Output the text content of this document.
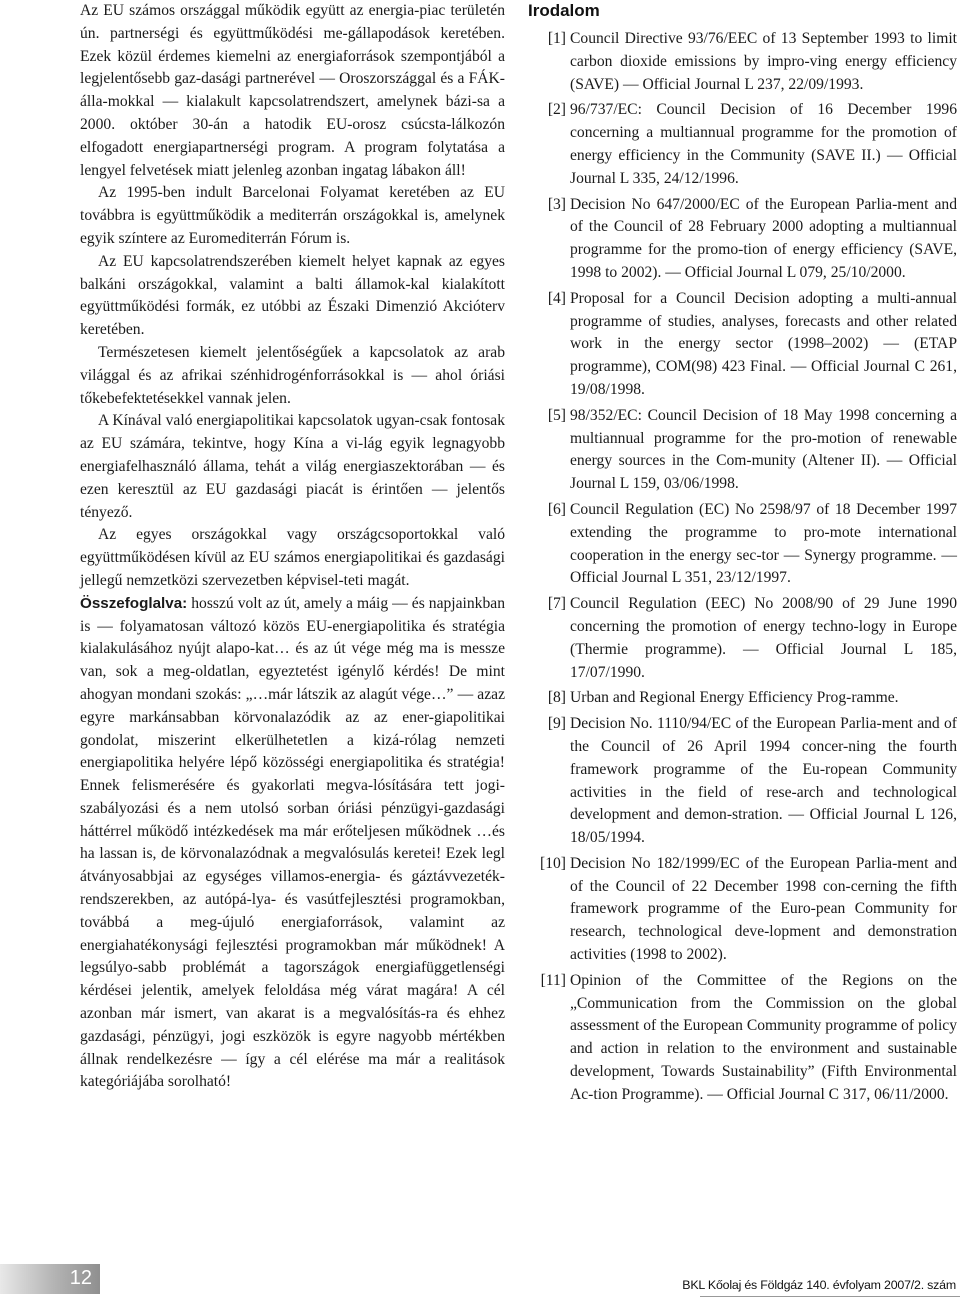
Az EU számos országgal működik együtt az energia-piac területén ún. partnerségi és együttműködési me-gállapodások keretében. Ezek közül érdemes kiemelni az energiaforrások szempontjából a legjelentősebb gaz-dasági partnerével — Oroszországgal és a FÁK-álla-mokkal — kialakult kapcsolatrendszert, amelynek bázi-sa a 2000. október 30-án a hatodik EU-orosz csúcsta-lálkozón elfogadott energiapartnerségi program. A program folytatása a lengyel felvetések miatt jelenleg azonban ingatag lábakon áll!

Az 1995-ben indult Barcelonai Folyamat keretében az EU továbbra is együttműködik a mediterrán országokkal is, amelynek egyik színtere az Euromediterrán Fórum is.

Az EU kapcsolatrendszerében kiemelt helyet kapnak az egyes balkáni országokkal, valamint a balti államok-kal kialakított együttműködési formák, ez utóbbi az Északi Dimenzió Akcióterv keretében.

Természetesen kiemelt jelentőségűek a kapcsolatok az arab világgal és az afrikai szénhidrogénforrásokkal is — ahol óriási tőkebefektetésekkel vannak jelen.

A Kínával való energiapolitikai kapcsolatok ugyan-csak fontosak az EU számára, tekintve, hogy Kína a vi-lág egyik legnagyobb energiafelhasználó állama, tehát a világ energiaszektorában — és ezen keresztül az EU gazdasági piacát is érintően — jelentős tényező.

Az egyes országokkal vagy országcsoportokkal való együttműködésen kívül az EU számos energiapolitikai és gazdasági jellegű nemzetközi szervezetben képvisel-teti magát.

Összefoglalva: hosszú volt az út, amely a máig — és napjainkban is — folyamatosan változó közös EU-energiapolitika és stratégia kialakulásához nyújt alapo-kat… és az út vége még ma is messze van, sok a meg-oldatlan, egyeztetést igénylő kérdés! De mint ahogyan mondani szokás: „…már látszik az alagút vége…” — azaz egyre markánsabban körvonalazódik az az ener-giapolitikai gondolat, miszerint elkerülhetetlen a kizá-rólag nemzeti energiapolitika helyére lépő közösségi energiapolitika és stratégia! Ennek felismerésére és gyakorlati megva-lósítására tett jogi-szabályozási és a nem utolsó sorban óriási pénzügyi-gazdasági háttérrel működő intézkedések ma már erőteljesen működnek …és ha lassan is, de körvonalazódnak a megvalósulás keretei! Ezek legl átványosabbjai az egységes villamos-energia- és gáztávvezeték-rendszerekben, az autópá-lya- és vasútfejlesztési programokban, továbbá a meg-újuló energiaforrások, valamint az energiahatékonysági fejlesztési programokban már működnek! A legsúlyo-sabb problémát a tagországok energiafüggetlenségi kérdései jelentik, amelyek feloldása még várat magára! A cél azonban már ismert, van akarat is a megvalósítás-ra és ehhez gazdasági, pénzügyi, jogi eszközök is egyre nagyobb mértékben állnak rendelkezésre — így a cél elérése ma már a realitások kategóriájába sorolható!

Irodalom
[1] Council Directive 93/76/EEC of 13 September 1993 to limit carbon dioxide emissions by impro-ving energy efficiency (SAVE) — Official Journal L 237, 22/09/1993.
[2] 96/737/EC: Council Decision of 16 December 1996 concerning a multiannual programme for the promotion of energy efficiency in the Community (SAVE II.) — Official Journal L 335, 24/12/1996.
[3] Decision No 647/2000/EC of the European Parlia-ment and of the Council of 28 February 2000 adopting a multiannual programme for the promo-tion of energy efficiency (SAVE, 1998 to 2002). — Official Journal L 079, 25/10/2000.
[4] Proposal for a Council Decision adopting a multi-annual programme of studies, analyses, forecasts and other related work in the energy sector (1998–2002) — (ETAP programme), COM(98) 423 Final. — Official Journal C 261, 19/08/1998.
[5] 98/352/EC: Council Decision of 18 May 1998 concerning a multiannual programme for the pro-motion of renewable energy sources in the Com-munity (Altener II). — Official Journal L 159, 03/06/1998.
[6] Council Regulation (EC) No 2598/97 of 18 December 1997 extending the programme to pro-mote international cooperation in the energy sec-tor — Synergy programme. — Official Journal L 351, 23/12/1997.
[7] Council Regulation (EEC) No 2008/90 of 29 June 1990 concerning the promotion of energy techno-logy in Europe (Thermie programme). — Official Journal L 185, 17/07/1990.
[8] Urban and Regional Energy Efficiency Prog-ramme.
[9] Decision No. 1110/94/EC of the European Parlia-ment and of the Council of 26 April 1994 concer-ning the fourth framework programme of the Eu-ropean Community activities in the field of rese-arch and technological development and demon-stration. — Official Journal L 126, 18/05/1994.
[10] Decision No 182/1999/EC of the European Parlia-ment and of the Council of 22 December 1998 con-cerning the fifth framework programme of the Euro-pean Community for research, technological deve-lopment and demonstration activities (1998 to 2002).
[11] Opinion of the Committee of the Regions on the „Communication from the Commission on the global assessment of the European Community programme of policy and action in relation to the environment and sustainable development, Towards Sustainability” (Fifth Environmental Ac-tion Programme). — Official Journal C 317, 06/11/2000.
12	BKL Kőolaj és Földgáz 140. évfolyam 2007/2. szám
